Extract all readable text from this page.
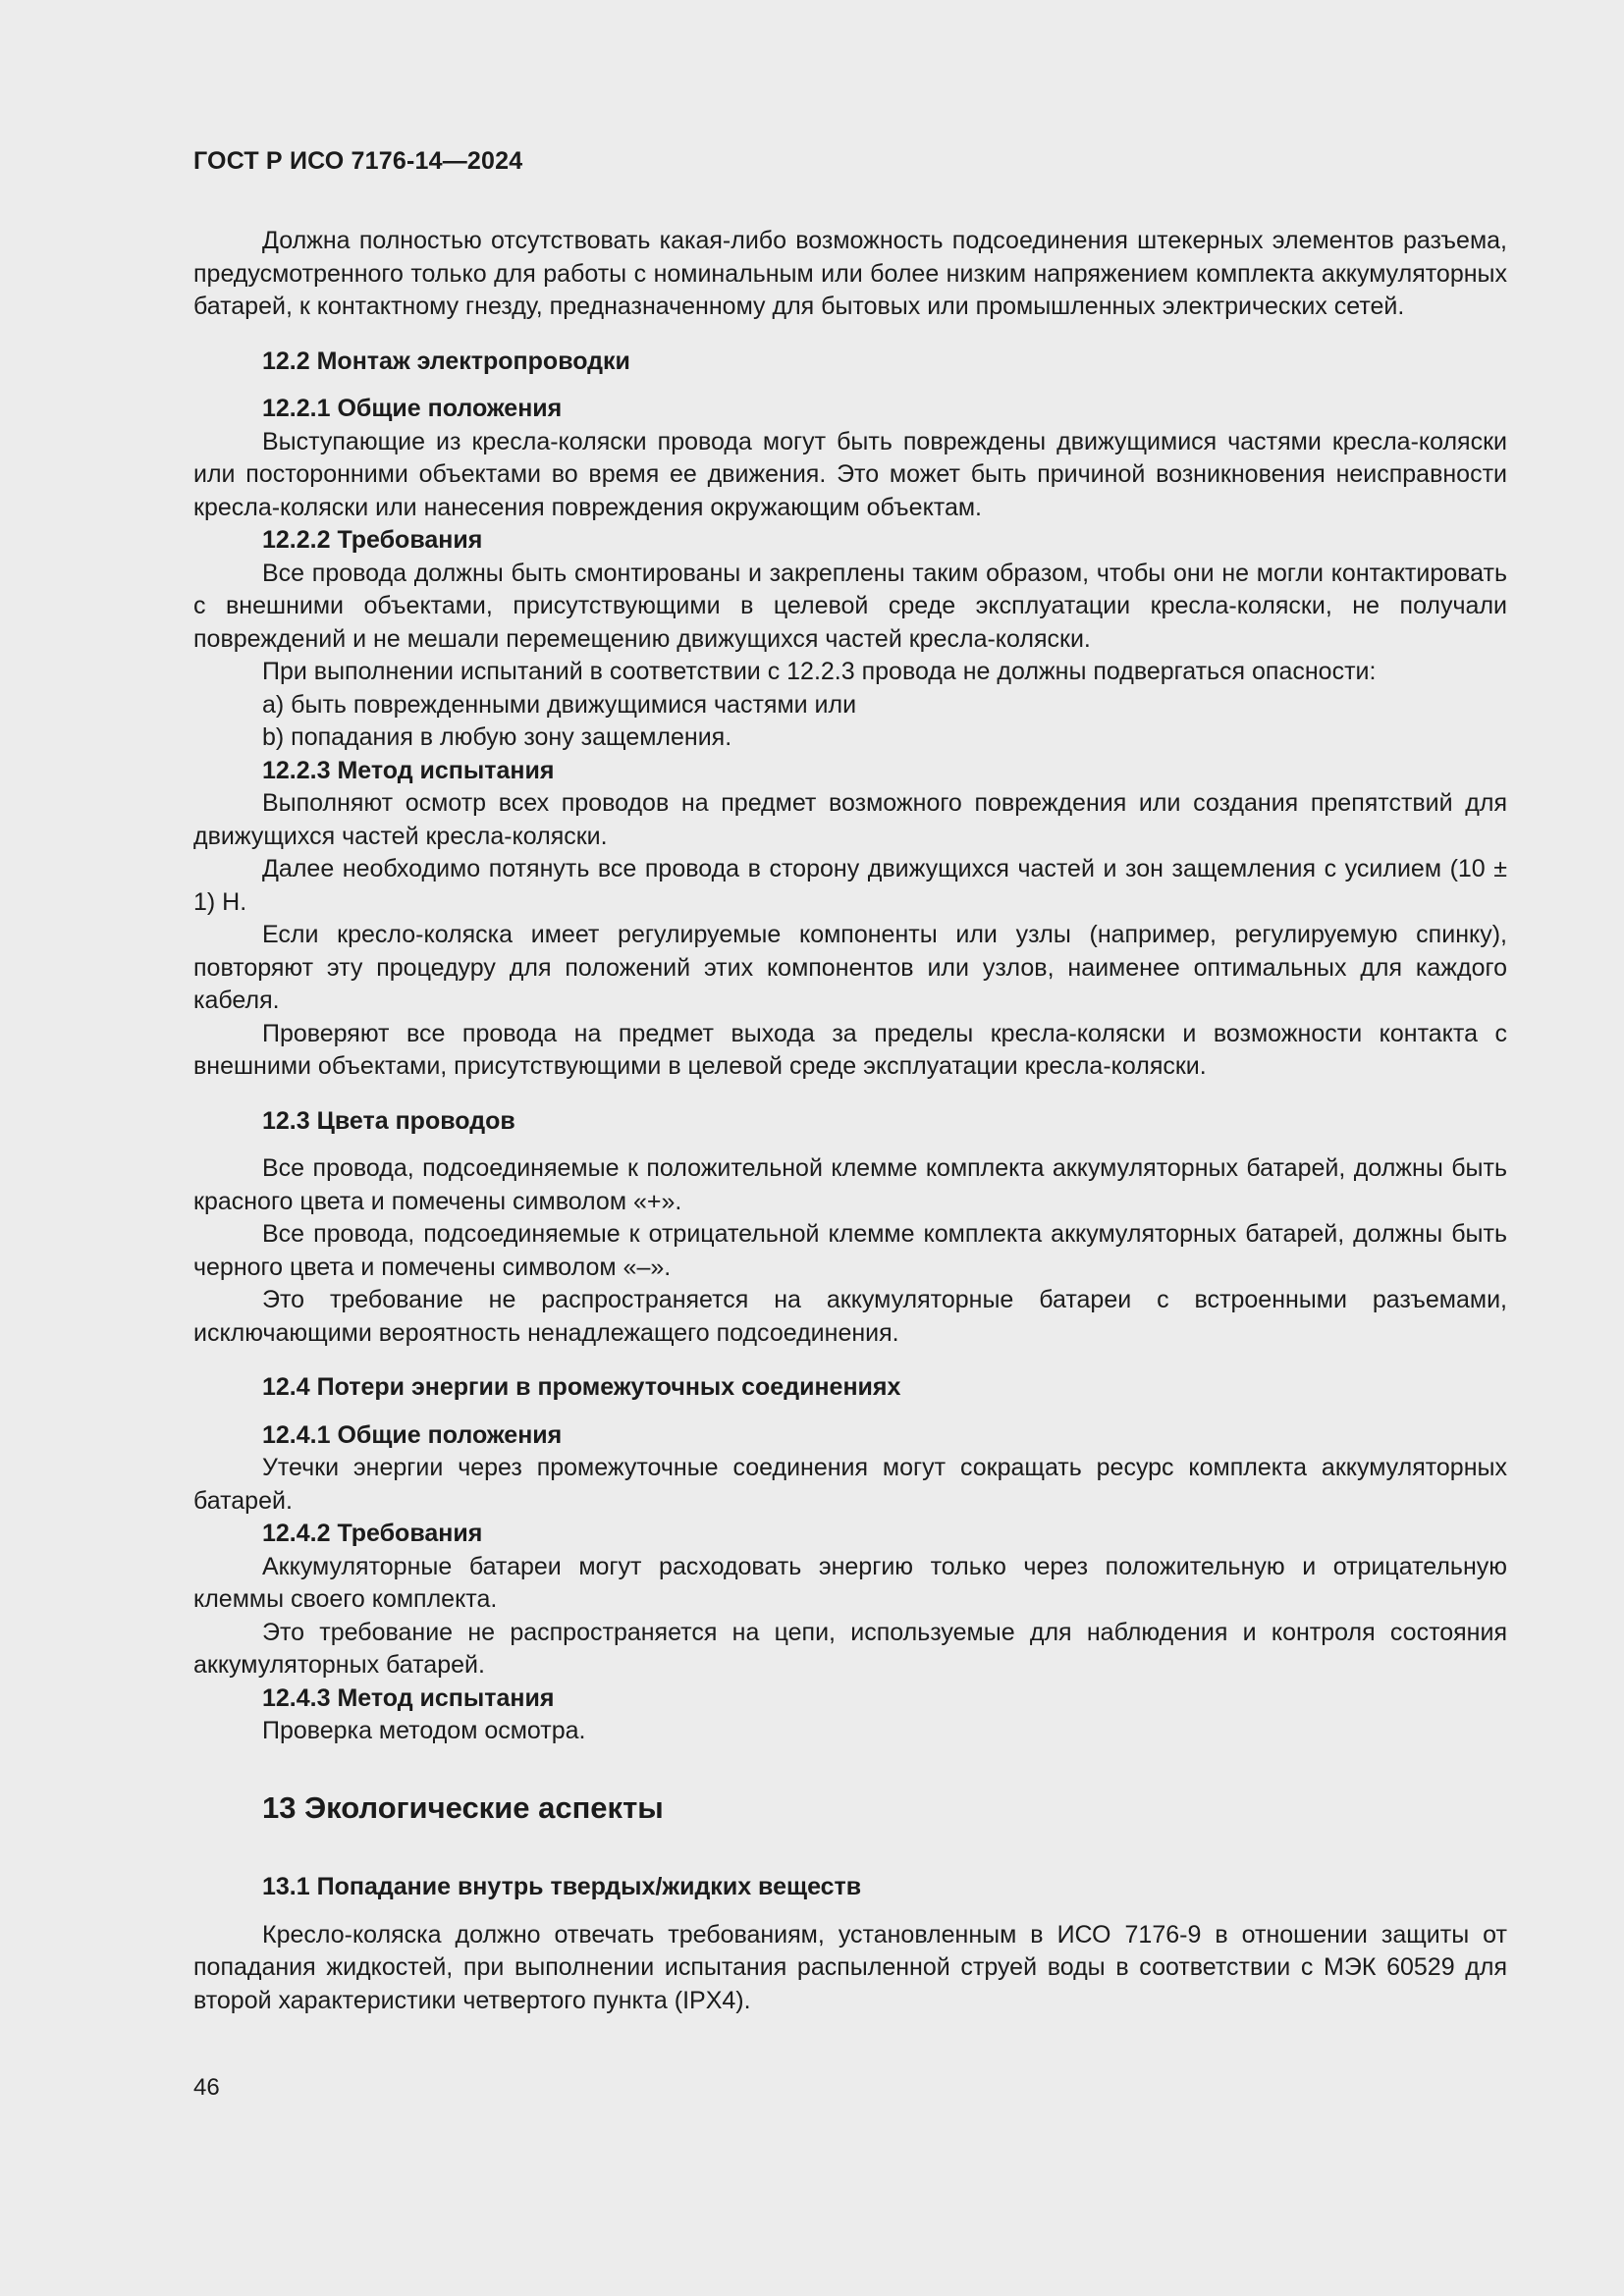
ГОСТ Р ИСО 7176-14—2024

Должна полностью отсутствовать какая-либо возможность подсоединения штекерных элементов разъема, предусмотренного только для работы с номинальным или более низким напряжением комплекта аккумуляторных батарей, к контактному гнезду, предназначенному для бытовых или промышленных электрических сетей.

12.2 Монтаж электропроводки
12.2.1 Общие положения

Выступающие из кресла-коляски провода могут быть повреждены движущимися частями кресла-коляски или посторонними объектами во время ее движения. Это может быть причиной возникновения неисправности кресла-коляски или нанесения повреждения окружающим объектам.

12.2.2 Требования

Все провода должны быть смонтированы и закреплены таким образом, чтобы они не могли контактировать с внешними объектами, присутствующими в целевой среде эксплуатации кресла-коляски, не получали повреждений и не мешали перемещению движущихся частей кресла-коляски.

При выполнении испытаний в соответствии с 12.2.3 провода не должны подвергаться опасности:

a) быть поврежденными движущимися частями или

b) попадания в любую зону защемления.

12.2.3 Метод испытания

Выполняют осмотр всех проводов на предмет возможного повреждения или создания препятствий для движущихся частей кресла-коляски.

Далее необходимо потянуть все провода в сторону движущихся частей и зон защемления с усилием (10 ± 1) Н.

Если кресло-коляска имеет регулируемые компоненты или узлы (например, регулируемую спинку), повторяют эту процедуру для положений этих компонентов или узлов, наименее оптимальных для каждого кабеля.

Проверяют все провода на предмет выхода за пределы кресла-коляски и возможности контакта с внешними объектами, присутствующими в целевой среде эксплуатации кресла-коляски.

12.3 Цвета проводов

Все провода, подсоединяемые к положительной клемме комплекта аккумуляторных батарей, должны быть красного цвета и помечены символом «+».

Все провода, подсоединяемые к отрицательной клемме комплекта аккумуляторных батарей, должны быть черного цвета и помечены символом «–».

Это требование не распространяется на аккумуляторные батареи с встроенными разъемами, исключающими вероятность ненадлежащего подсоединения.

12.4 Потери энергии в промежуточных соединениях
12.4.1 Общие положения

Утечки энергии через промежуточные соединения могут сокращать ресурс комплекта аккумуляторных батарей.

12.4.2 Требования

Аккумуляторные батареи могут расходовать энергию только через положительную и отрицательную клеммы своего комплекта.

Это требование не распространяется на цепи, используемые для наблюдения и контроля состояния аккумуляторных батарей.

12.4.3 Метод испытания

Проверка методом осмотра.

13 Экологические аспекты
13.1 Попадание внутрь твердых/жидких веществ

Кресло-коляска должно отвечать требованиям, установленным в ИСО 7176-9 в отношении защиты от попадания жидкостей, при выполнении испытания распыленной струей воды в соответствии с МЭК 60529 для второй характеристики четвертого пункта (IPX4).

46
